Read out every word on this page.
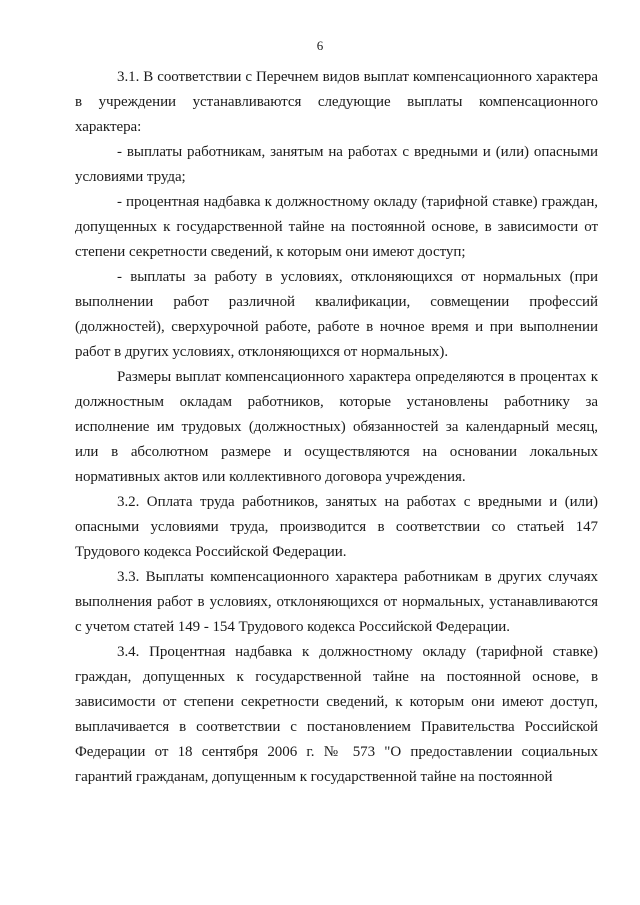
6

3.1. В соответствии с Перечнем видов выплат компенсационного характера в учреждении устанавливаются следующие выплаты компенсационного характера:

- выплаты работникам, занятым на работах с вредными и (или) опасными условиями труда;

- процентная надбавка к должностному окладу (тарифной ставке) граждан, допущенных к государственной тайне на постоянной основе, в зависимости от степени секретности сведений, к которым они имеют доступ;

- выплаты за работу в условиях, отклоняющихся от нормальных (при выполнении работ различной квалификации, совмещении профессий (должностей), сверхурочной работе, работе в ночное время и при выполнении работ в других условиях, отклоняющихся от нормальных).

Размеры выплат компенсационного характера определяются в процентах к должностным окладам работников, которые установлены работнику за исполнение им трудовых (должностных) обязанностей за календарный месяц, или в абсолютном размере и осуществляются на основании локальных нормативных актов или коллективного договора учреждения.

3.2. Оплата труда работников, занятых на работах с вредными и (или) опасными условиями труда, производится в соответствии со статьей 147 Трудового кодекса Российской Федерации.

3.3. Выплаты компенсационного характера работникам в других случаях выполнения работ в условиях, отклоняющихся от нормальных, устанавливаются с учетом статей 149 - 154 Трудового кодекса Российской Федерации.

3.4. Процентная надбавка к должностному окладу (тарифной ставке) граждан, допущенных к государственной тайне на постоянной основе, в зависимости от степени секретности сведений, к которым они имеют доступ, выплачивается в соответствии с постановлением Правительства Российской Федерации от 18 сентября 2006 г. № 573 "О предоставлении социальных гарантий гражданам, допущенным к государственной тайне на постоянной
